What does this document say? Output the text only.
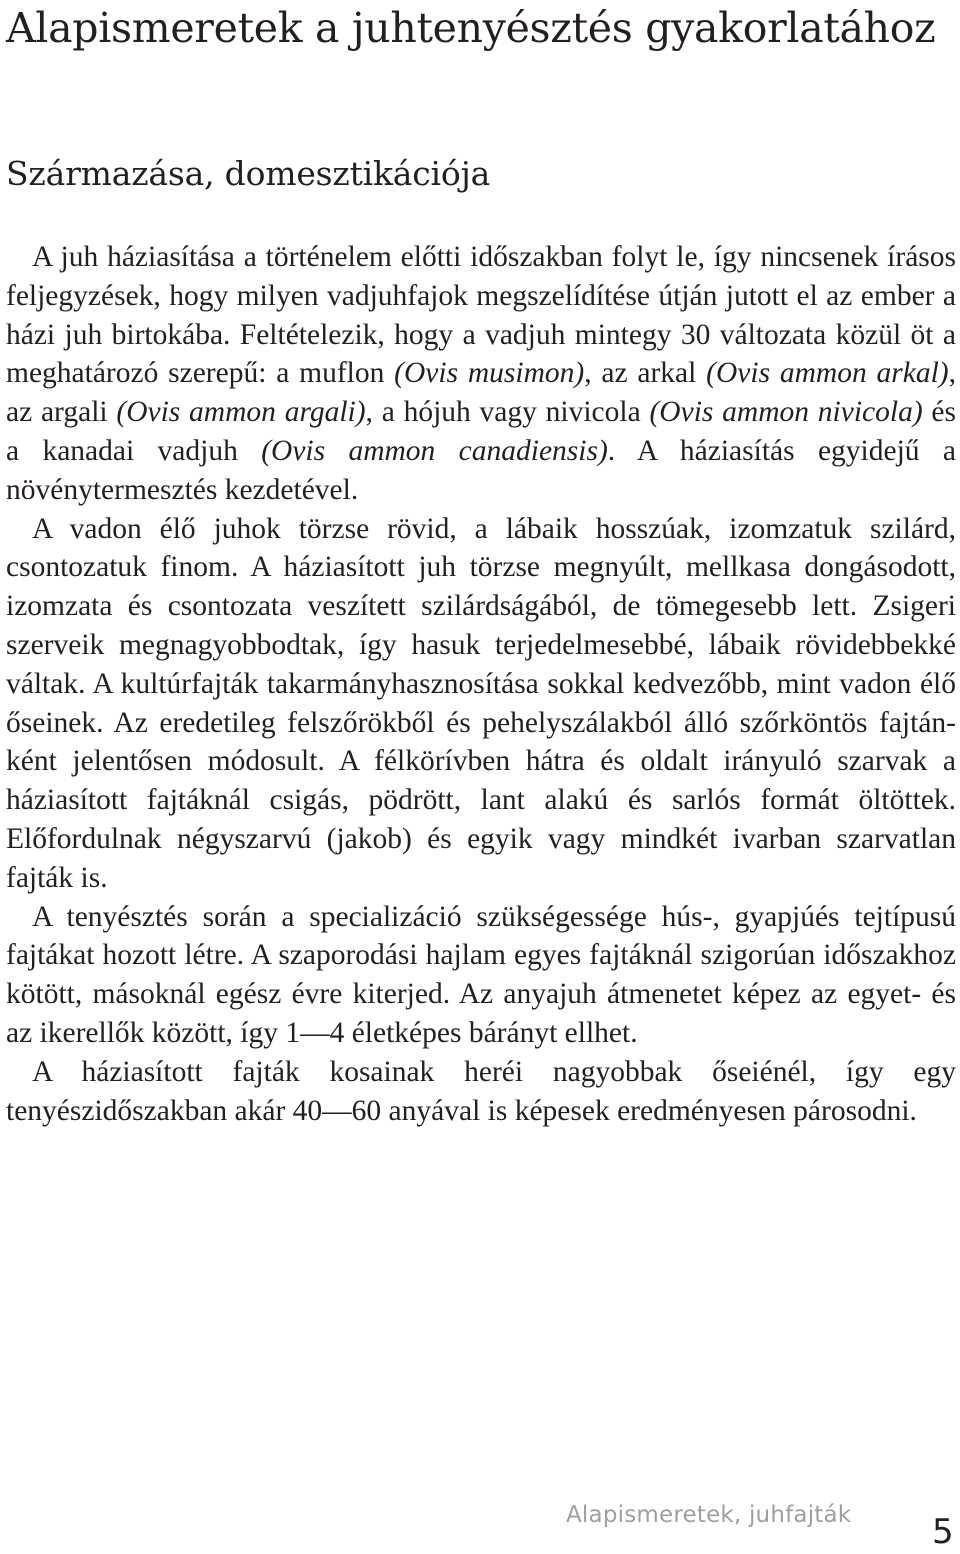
Alapismeretek a juhtenyésztés gyakorlatához
Származása, domesztikációja

A juh háziasítása a történelem előtti időszakban folyt le, így nincsenek írásos feljegyzések, hogy milyen vadjuhfajok megszelídítése útján jutott el az ember a házi juh birtokába. Feltételezik, hogy a vadjuh mintegy 30 változata közül öt a meghatározó szerepű: a muflon (Ovis musimon), az arkal (Ovis ammon arkal), az argali (Ovis ammon argali), a hójuh vagy nivicola (Ovis ammon nivicola) és a kanadai vadjuh (Ovis ammon canadiensis). A háziasítás egyidejű a növénytermesztés kezdetével.

A vadon élő juhok törzse rövid, a lábaik hosszúak, izomzatuk szilárd, csontozatuk finom. A háziasított juh törzse megnyúlt, mellkasa dongásodott, izomzata és csontozata veszített szilárdságából, de tömegesebb lett. Zsigeri szerveik megnagyobbodtak, így hasuk terjedelmesebbé, lábaik rövidebbekké váltak. A kultúrfajták takarmányhasznosítása sokkal kedvezőbb, mint vadon élő őseinek. Az eredetileg felszőrökből és pehelyszálakból álló szőrköntös fajtánként jelentősen módosult. A félkörívben hátra és oldalt irányuló szarvak a háziasított fajtáknál csigás, pödrött, lant alakú és sarlós formát öltöttek. Előfordulnak négyszarvú (jakob) és egyik vagy mindkét ivarban szarvatlan fajták is.

A tenyésztés során a specializáció szükségessége hús-, gyapjúés tejtípusú fajtákat hozott létre. A szaporodási hajlam egyes fajtáknál szigorúan időszakhoz kötött, másoknál egész évre kiterjed. Az anyajuh átmenetet képez az egyet- és az ikerellők között, így 1—4 életképes bárányt ellhet.

A háziasított fajták kosainak heréi nagyobbak őseiénél, így egy tenyészidőszakban akár 40—60 anyával is képesek eredményesen párosodni.

Alapismeretek, juhfajták 5
